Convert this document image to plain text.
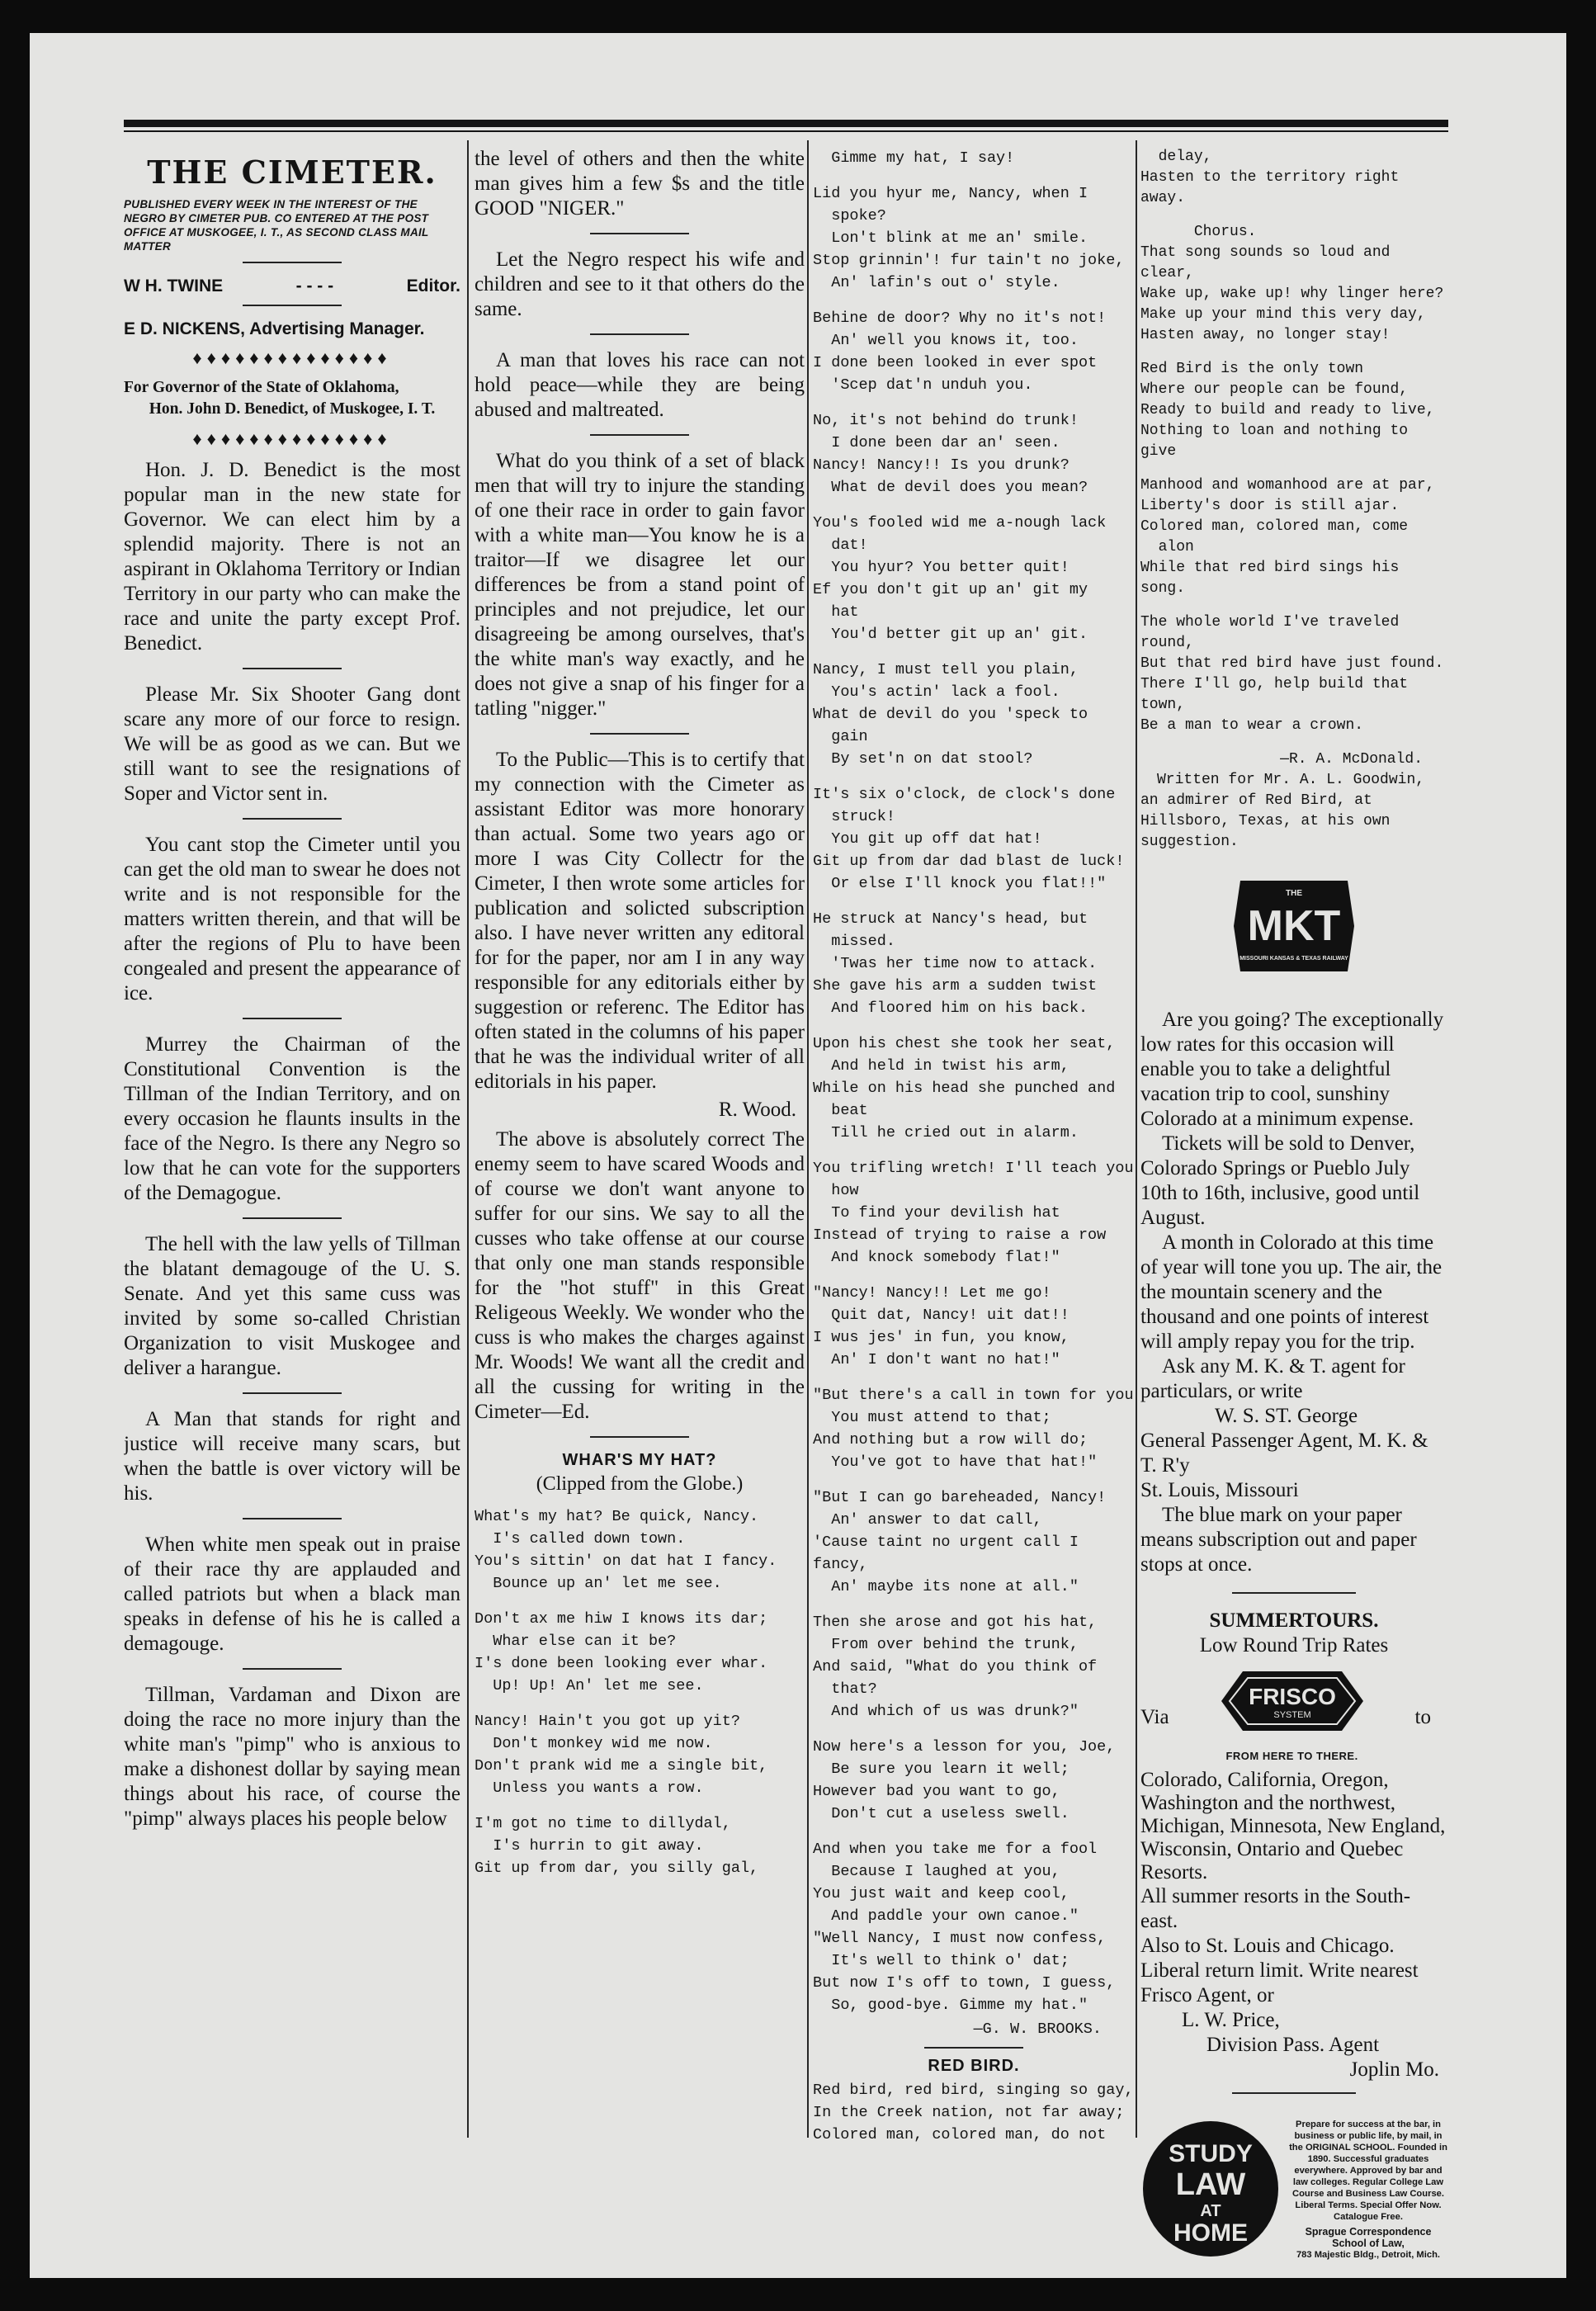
THE CIMETER.
PUBLISHED EVERY WEEK IN THE INTEREST OF THE NEGRO BY CIMETER PUB. CO ENTERED AT THE POST OFFICE AT MUSKOGEE, I. T., AS SECOND CLASS MAIL MATTER
W H. TWINE	- - - -	Editor.
E D. NICKENS, Advertising Manager.
♦♦♦♦♦♦♦♦♦♦♦♦♦♦

For Governor of the State of Oklahoma,

Hon. John D. Benedict, of Muskogee, I. T.

♦♦♦♦♦♦♦♦♦♦♦♦♦♦

Hon. J. D. Benedict is the most popular man in the new state for Governor. We can elect him by a splendid majority. There is not an aspirant in Oklahoma Territory or Indian Territory in our party who can make the race and unite the party except Prof. Benedict.

Please Mr. Six Shooter Gang dont scare any more of our force to resign. We will be as good as we can. But we still want to see the resignations of Soper and Victor sent in.

You cant stop the Cimeter until you can get the old man to swear he does not write and is not responsible for the matters written therein, and that will be after the regions of Plu to have been congealed and present the appearance of ice.

Murrey the Chairman of the Constitutional Convention is the Tillman of the Indian Territory, and on every occasion he flaunts insults in the face of the Negro. Is there any Negro so low that he can vote for the supporters of the Demagogue.

The hell with the law yells of Tillman the blatant demagouge of the U. S. Senate. And yet this same cuss was invited by some so-called Christian Organization to visit Muskogee and deliver a harangue.

A Man that stands for right and justice will receive many scars, but when the battle is over victory will be his.

When white men speak out in praise of their race thy are applauded and called patriots but when a black man speaks in defense of his he is called a demagouge.

Tillman, Vardaman and Dixon are doing the race no more injury than the white man's "pimp" who is anxious to make a dishonest dollar by saying mean things about his race, of course the "pimp" always places his people below

the level of others and then the white man gives him a few $s and the title GOOD "NIGER."

Let the Negro respect his wife and children and see to it that others do the same.

A man that loves his race can not hold peace—while they are being abused and maltreated.

What do you think of a set of black men that will try to injure the standing of one their race in order to gain favor with a white man—You know he is a traitor—If we disagree let our differences be from a stand point of principles and not prejudice, let our disagreeing be among ourselves, that's the white man's way exactly, and he does not give a snap of his finger for a tatling "nigger."

To the Public—This is to certify that my connection with the Cimeter as assistant Editor was more honorary than actual. Some two years ago or more I was City Collectr for the Cimeter, I then wrote some articles for publication and solicted subscription also. I have never written any editoral for for the paper, nor am I in any way responsible for any editorials either by suggestion or referenc. The Editor has often stated in the columns of his paper that he was the individual writer of all editorials in his paper.

R. Wood.

The above is absolutely correct The enemy seem to have scared Woods and of course we don't want anyone to suffer for our sins. We say to all the cusses who take offense at our course that only one man stands responsible for the "hot stuff" in this Great Religeous Weekly. We wonder who the cuss is who makes the charges against Mr. Woods! We want all the credit and all the cussing for writing in the Cimeter—Ed.

WHAR'S MY HAT?
(Clipped from the Globe.)

What's my hat? Be quick, Nancy.
I's called down town.
You's sittin' on dat hat I fancy.
Bounce up an' let me see.

Don't ax me hiw I knows its dar;
Whar else can it be?
I's done been looking ever whar.
Up! Up! An' let me see.

Nancy! Hain't you got up yit?
Don't monkey wid me now.
Don't prank wid me a single bit,
Unless you wants a row.

I'm got no time to dillydal,
I's hurrin to git away.
Git up from dar, you silly gal,

Gimme my hat, I say!

Lid you hyur me, Nancy, when I
spoke?
Lon't blink at me an' smile.
Stop grinnin'! fur tain't no joke,
An' lafin's out o' style.

Behine de door? Why no it's not!
An' well you knows it, too.
I done been looked in ever spot
'Scep dat'n unduh you.

No, it's not behind do trunk!
I done been dar an' seen.
Nancy! Nancy!! Is you drunk?
What de devil does you mean?

You's fooled wid me a-nough lack
dat!
You hyur? You better quit!
Ef you don't git up an' git my
hat
You'd better git up an' git.

Nancy, I must tell you plain,
You's actin' lack a fool.
What de devil do you 'speck to
gain
By set'n on dat stool?

It's six o'clock, de clock's done
struck!
You git up off dat hat!
Git up from dar dad blast de luck!
Or else I'll knock you flat!!"

He struck at Nancy's head, but
missed.
'Twas her time now to attack.
She gave his arm a sudden twist
And floored him on his back.

Upon his chest she took her seat,
And held in twist his arm,
While on his head she punched and
beat
Till he cried out in alarm.

You trifling wretch! I'll teach you
how
To find your devilish hat
Instead of trying to raise a row
And knock somebody flat!"

"Nancy! Nancy!! Let me go!
Quit dat, Nancy! uit dat!!
I wus jes' in fun, you know,
An' I don't want no hat!"

"But there's a call in town for you
You must attend to that;
And nothing but a row will do;
You've got to have that hat!"

"But I can go bareheaded, Nancy!
An' answer to dat call,
'Cause taint no urgent call I fancy,
An' maybe its none at all."

Then she arose and got his hat,
From over behind the trunk,
And said, "What do you think of
that?
And which of us was drunk?"

Now here's a lesson for you, Joe,
Be sure you learn it well;
However bad you want to go,
Don't cut a useless swell.

And when you take me for a fool
Because I laughed at you,
You just wait and keep cool,
And paddle your own canoe."
"Well Nancy, I must now confess,
It's well to think o' dat;
But now I's off to town, I guess,
So, good-bye. Gimme my hat."

—G. W. BROOKS.

RED BIRD.

Red bird, red bird, singing so gay,
In the Creek nation, not far away;
Colored man, colored man, do not

delay,
Hasten to the territory right away.

Chorus.
That song sounds so loud and clear,
Wake up, wake up! why linger here?
Make up your mind this very day,
Hasten away, no longer stay!

Red Bird is the only town
Where our people can be found,
Ready to build and ready to live,
Nothing to loan and nothing to give

Manhood and womanhood are at par,
Liberty's door is still ajar.
Colored man, colored man, come
alon
While that red bird sings his song.

The whole world I've traveled round,
But that red bird have just found.
There I'll go, help build that town,
Be a man to wear a crown.

—R. A. McDonald.

Written for Mr. A. L. Goodwin, an admirer of Red Bird, at Hillsboro, Texas, at his own suggestion.

THE
MKT
MISSOURI KANSAS & TEXAS RAILWAY

Are you going? The exceptionally low rates for this occasion will enable you to take a delightful vacation trip to cool, sunshiny Colorado at a minimum expense.

Tickets will be sold to Denver, Colorado Springs or Pueblo July 10th to 16th, inclusive, good until August.

A month in Colorado at this time of year will tone you up. The air, the the mountain scenery and the thousand and one points of interest will amply repay you for the trip.

Ask any M. K. & T. agent for particulars, or write

W. S. ST. George

General Passenger Agent, M. K. & T. R'y

St. Louis, Missouri

The blue mark on your paper means subscription out and paper stops at once.

SUMMERTOURS.

Low Round Trip Rates

Via
FRISCO
SYSTEM
FROM HERE TO THERE.
to

Colorado, California, Oregon, Washington and the northwest, Michigan, Minnesota, New England, Wisconsin, Ontario and Quebec Resorts.

All summer resorts in the South-east.

Also to St. Louis and Chicago.

Liberal return limit. Write nearest Frisco Agent, or

L. W. Price,

Division Pass. Agent

Joplin Mo.

STUDY
LAW
AT
HOME

Prepare for success at the bar, in business or public life, by mail, in the ORIGINAL SCHOOL. Founded in 1890. Successful graduates everywhere. Approved by bar and law colleges. Regular College Law Course and Business Law Course. Liberal Terms. Special Offer Now. Catalogue Free.

Sprague Correspondence School of Law,

783 Majestic Bldg., Detroit, Mich.
